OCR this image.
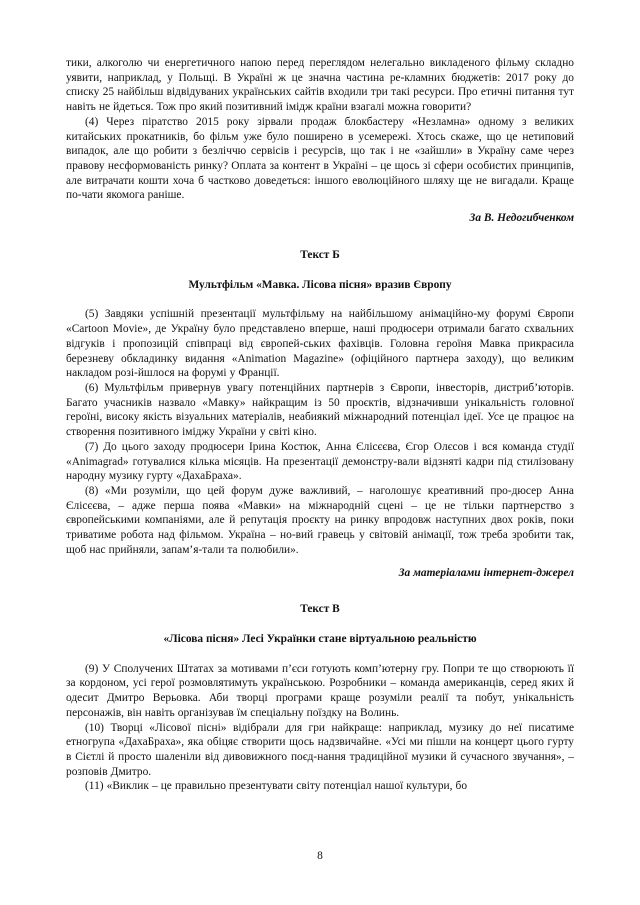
тики, алкоголю чи енергетичного напою перед переглядом нелегально викладеного фільму складно уявити, наприклад, у Польщі. В Україні ж це значна частина ре-кламних бюджетів: 2017 року до списку 25 найбільш відвідуваних українських сайтів входили три такі ресурси. Про етичні питання тут навіть не йдеться. Тож про який позитивний імідж країни взагалі можна говорити?

(4) Через піратство 2015 року зірвали продаж блокбастеру «Незламна» одному з великих китайських прокатників, бо фільм уже було поширено в усемережі. Хтось скаже, що це нетиповий випадок, але що робити з безліччю сервісів і ресурсів, що так і не «зайшли» в Україну саме через правову несформованість ринку? Оплата за контент в Україні – це щось зі сфери особистих принципів, але витрачати кошти хоча б частково доведеться: іншого еволюційного шляху ще не вигадали. Краще по-чати якомога раніше.

За В. Недогибченком

Текст Б

Мультфільм «Мавка. Лісова пісня» вразив Європу

(5) Завдяки успішній презентації мультфільму на найбільшому анімаційно-му форумі Європи «Cartoon Movie», де Україну було представлено вперше, наші продюсери отримали багато схвальних відгуків і пропозицій співпраці від європей-ських фахівців. Головна героїня Мавка прикрасила березневу обкладинку видання «Animation Magazine» (офіційного партнера заходу), що великим накладом розі-йшлося на форумі у Франції.

(6) Мультфільм привернув увагу потенційних партнерів з Європи, інвесторів, дистриб’юторів. Багато учасників назвало «Мавку» найкращим із 50 проєктів, відзначивши унікальність головної героїні, високу якість візуальних матеріалів, неабиякий міжнародний потенціал ідеї. Усе це працює на створення позитивного іміджу України у світі кіно.

(7) До цього заходу продюсери Ірина Костюк, Анна Єлісєєва, Єгор Олєсов і вся команда студії «Animagrad» готувалися кілька місяців. На презентації демонстру-вали відзняті кадри під стилізовану народну музику гурту «ДахаБраха».

(8) «Ми розуміли, що цей форум дуже важливий, – наголошує креативний про-дюсер Анна Єлісєєва, – адже перша поява «Мавки» на міжнародній сцені – це не тільки партнерство з європейськими компаніями, але й репутація проєкту на ринку впродовж наступних двох років, поки триватиме робота над фільмом. Україна – но-вий гравець у світовій анімації, тож треба зробити так, щоб нас прийняли, запам’я-тали та полюбили».

За матеріалами інтернет-джерел

Текст В

«Лісова пісня» Лесі Українки стане віртуальною реальністю

(9) У Сполучених Штатах за мотивами п’єси готують комп’ютерну гру. Попри те що створюють її за кордоном, усі герої розмовлятимуть українською. Розробники – команда американців, серед яких й одесит Дмитро Верьовка. Аби творці програми краще розуміли реалії та побут, унікальність персонажів, він навіть організував їм спеціальну поїздку на Волинь.

(10) Творці «Лісової пісні» відібрали для гри найкраще: наприклад, музику до неї писатиме етногрупа «ДахаБраха», яка обіцяє створити щось надзвичайне. «Усі ми пішли на концерт цього гурту в Сієтлі й просто шаленіли від дивовижного поєд-нання традиційної музики й сучасного звучання», – розповів Дмитро.

(11) «Виклик – це правильно презентувати світу потенціал нашої культури, бо

8
